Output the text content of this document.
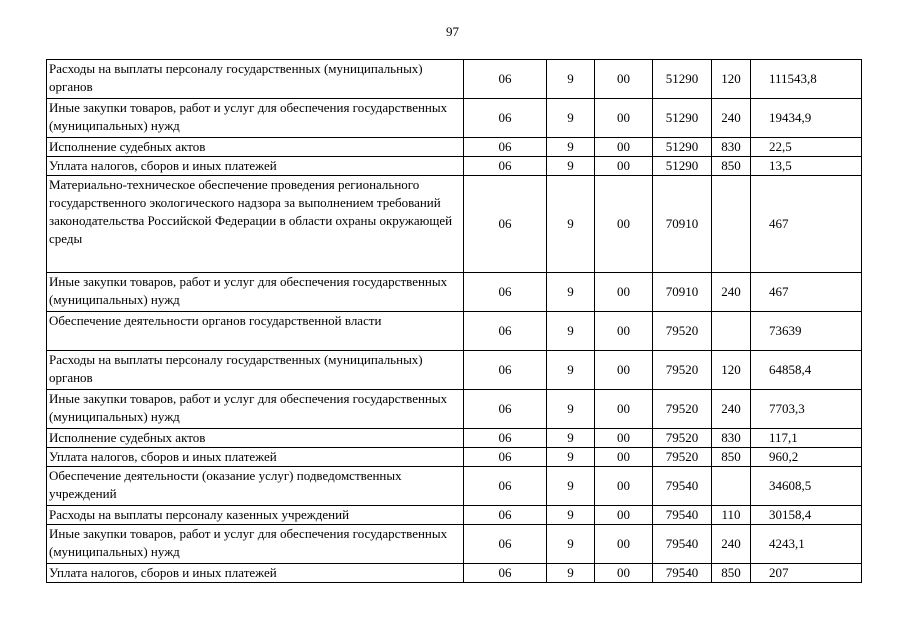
97
Расходы на выплаты персоналу государственных (муниципальных) органов	06	9	00	51290	120	111543,8
Иные закупки товаров, работ и услуг для обеспечения государственных (муниципальных) нужд	06	9	00	51290	240	19434,9
Исполнение судебных актов	06	9	00	51290	830	22,5
Уплата налогов, сборов и иных платежей	06	9	00	51290	850	13,5
Материально-техническое обеспечение проведения регионального государственного экологического надзора за выполнением требований законодательства Российской Федерации в области охраны окружающей среды	06	9	00	70910		467
Иные закупки товаров, работ и услуг для обеспечения государственных (муниципальных) нужд	06	9	00	70910	240	467
Обеспечение деятельности органов государственной власти	06	9	00	79520		73639
Расходы на выплаты персоналу государственных (муниципальных) органов	06	9	00	79520	120	64858,4
Иные закупки товаров, работ и услуг для обеспечения государственных (муниципальных) нужд	06	9	00	79520	240	7703,3
Исполнение судебных актов	06	9	00	79520	830	117,1
Уплата налогов, сборов и иных платежей	06	9	00	79520	850	960,2
Обеспечение деятельности (оказание услуг) подведомственных учреждений	06	9	00	79540		34608,5
Расходы на выплаты персоналу казенных учреждений	06	9	00	79540	110	30158,4
Иные закупки товаров, работ и услуг для обеспечения государственных (муниципальных) нужд	06	9	00	79540	240	4243,1
Уплата налогов, сборов и иных платежей	06	9	00	79540	850	207
